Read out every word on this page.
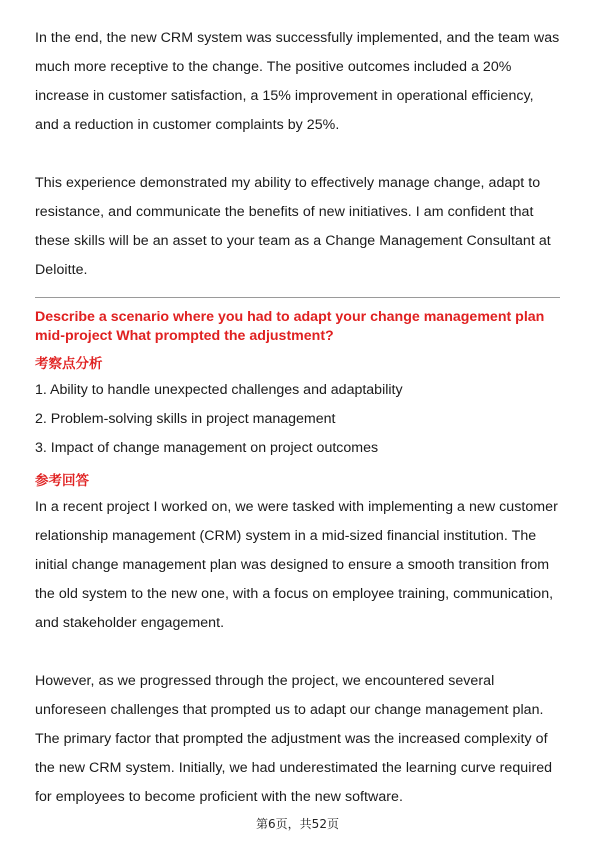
In the end, the new CRM system was successfully implemented, and the team was much more receptive to the change. The positive outcomes included a 20% increase in customer satisfaction, a 15% improvement in operational efficiency, and a reduction in customer complaints by 25%.

This experience demonstrated my ability to effectively manage change, adapt to resistance, and communicate the benefits of new initiatives. I am confident that these skills will be an asset to your team as a Change Management Consultant at Deloitte.

Describe a scenario where you had to adapt your change management plan mid-project What prompted the adjustment?

考察点分析
1. Ability to handle unexpected challenges and adaptability
2. Problem-solving skills in project management
3. Impact of change management on project outcomes
参考回答

In a recent project I worked on, we were tasked with implementing a new customer relationship management (CRM) system in a mid-sized financial institution. The initial change management plan was designed to ensure a smooth transition from the old system to the new one, with a focus on employee training, communication, and stakeholder engagement.

However, as we progressed through the project, we encountered several unforeseen challenges that prompted us to adapt our change management plan. The primary factor that prompted the adjustment was the increased complexity of the new CRM system. Initially, we had underestimated the learning curve required for employees to become proficient with the new software.

第6页，共52页
